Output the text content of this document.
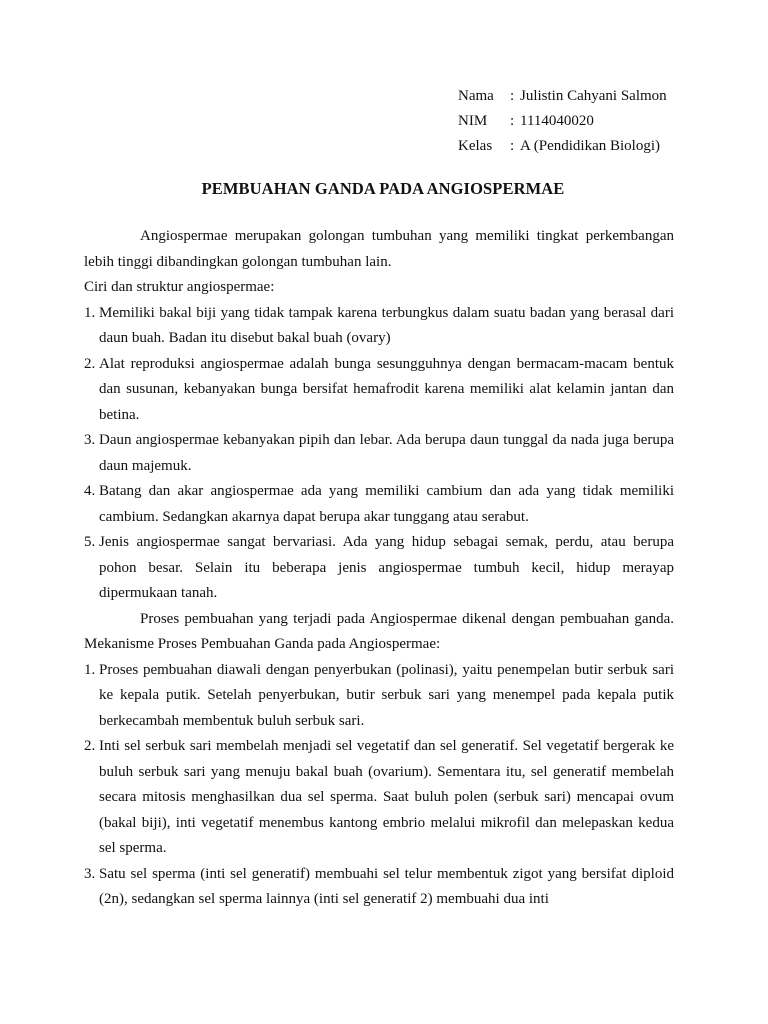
Nama	: Julistin Cahyani Salmon
NIM	: 1114040020
Kelas	: A (Pendidikan Biologi)
PEMBUAHAN GANDA PADA ANGIOSPERMAE

Angiospermae merupakan golongan tumbuhan yang memiliki tingkat perkembangan lebih tinggi dibandingkan golongan tumbuhan lain.

Ciri dan struktur angiospermae:

1. Memiliki bakal biji yang tidak tampak karena terbungkus dalam suatu badan yang berasal dari daun buah. Badan itu disebut bakal buah (ovary)
2. Alat reproduksi angiospermae adalah bunga sesungguhnya dengan bermacam-macam bentuk dan susunan, kebanyakan bunga bersifat hemafrodit karena memiliki alat kelamin jantan dan betina.
3. Daun angiospermae kebanyakan pipih dan lebar. Ada berupa daun tunggal da nada juga berupa daun majemuk.
4. Batang dan akar angiospermae ada yang memiliki cambium dan ada yang tidak memiliki cambium. Sedangkan akarnya dapat berupa akar tunggang atau serabut.
5. Jenis angiospermae sangat bervariasi. Ada yang hidup sebagai semak, perdu, atau berupa pohon besar. Selain itu beberapa jenis angiospermae tumbuh kecil, hidup merayap dipermukaan tanah.

Proses pembuahan yang terjadi pada Angiospermae dikenal dengan pembuahan ganda. Mekanisme Proses Pembuahan Ganda pada Angiospermae:

1. Proses pembuahan diawali dengan penyerbukan (polinasi), yaitu penempelan butir serbuk sari ke kepala putik. Setelah penyerbukan, butir serbuk sari yang menempel pada kepala putik berkecambah membentuk buluh serbuk sari.
2. Inti sel serbuk sari membelah menjadi sel vegetatif dan sel generatif. Sel vegetatif bergerak ke buluh serbuk sari yang menuju bakal buah (ovarium). Sementara itu, sel generatif membelah secara mitosis menghasilkan dua sel sperma. Saat buluh polen (serbuk sari) mencapai ovum (bakal biji), inti vegetatif menembus kantong embrio melalui mikrofil dan melepaskan kedua sel sperma.
3. Satu sel sperma (inti sel generatif) membuahi sel telur membentuk zigot yang bersifat diploid (2n), sedangkan sel sperma lainnya (inti sel generatif 2) membuahi dua inti
